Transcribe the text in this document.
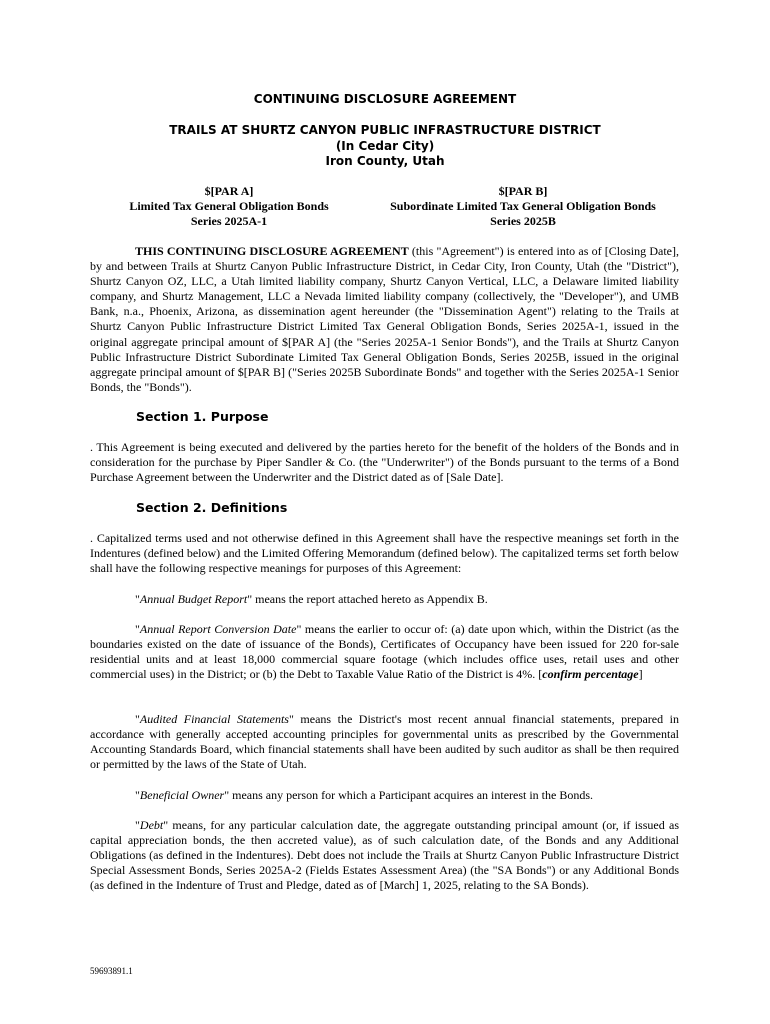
CONTINUING DISCLOSURE AGREEMENT
TRAILS AT SHURTZ CANYON PUBLIC INFRASTRUCTURE DISTRICT
(In Cedar City)
Iron County, Utah
$[PAR A]
Limited Tax General Obligation Bonds
Series 2025A-1
$[PAR B]
Subordinate Limited Tax General Obligation Bonds
Series 2025B
THIS CONTINUING DISCLOSURE AGREEMENT (this "Agreement") is entered into as of [Closing Date], by and between Trails at Shurtz Canyon Public Infrastructure District, in Cedar City, Iron County, Utah (the "District"), Shurtz Canyon OZ, LLC, a Utah limited liability company, Shurtz Canyon Vertical, LLC, a Delaware limited liability company, and Shurtz Management, LLC a Nevada limited liability company (collectively, the "Developer"), and UMB Bank, n.a., Phoenix, Arizona, as dissemination agent hereunder (the "Dissemination Agent") relating to the Trails at Shurtz Canyon Public Infrastructure District Limited Tax General Obligation Bonds, Series 2025A-1, issued in the original aggregate principal amount of $[PAR A] (the "Series 2025A-1 Senior Bonds"), and the Trails at Shurtz Canyon Public Infrastructure District Subordinate Limited Tax General Obligation Bonds, Series 2025B, issued in the original aggregate principal amount of $[PAR B] ("Series 2025B Subordinate Bonds" and together with the Series 2025A-1 Senior Bonds, the "Bonds").
Section 1. Purpose
. This Agreement is being executed and delivered by the parties hereto for the benefit of the holders of the Bonds and in consideration for the purchase by Piper Sandler & Co. (the "Underwriter") of the Bonds pursuant to the terms of a Bond Purchase Agreement between the Underwriter and the District dated as of [Sale Date].
Section 2. Definitions
. Capitalized terms used and not otherwise defined in this Agreement shall have the respective meanings set forth in the Indentures (defined below) and the Limited Offering Memorandum (defined below). The capitalized terms set forth below shall have the following respective meanings for purposes of this Agreement:
"Annual Budget Report" means the report attached hereto as Appendix B.
"Annual Report Conversion Date" means the earlier to occur of: (a) date upon which, within the District (as the boundaries existed on the date of issuance of the Bonds), Certificates of Occupancy have been issued for 220 for-sale residential units and at least 18,000 commercial square footage (which includes office uses, retail uses and other commercial uses) in the District; or (b) the Debt to Taxable Value Ratio of the District is 4%. [confirm percentage]
"Audited Financial Statements" means the District's most recent annual financial statements, prepared in accordance with generally accepted accounting principles for governmental units as prescribed by the Governmental Accounting Standards Board, which financial statements shall have been audited by such auditor as shall be then required or permitted by the laws of the State of Utah.
"Beneficial Owner" means any person for which a Participant acquires an interest in the Bonds.
"Debt" means, for any particular calculation date, the aggregate outstanding principal amount (or, if issued as capital appreciation bonds, the then accreted value), as of such calculation date, of the Bonds and any Additional Obligations (as defined in the Indentures). Debt does not include the Trails at Shurtz Canyon Public Infrastructure District Special Assessment Bonds, Series 2025A-2 (Fields Estates Assessment Area) (the "SA Bonds") or any Additional Bonds (as defined in the Indenture of Trust and Pledge, dated as of [March] 1, 2025, relating to the SA Bonds).
59693891.1
